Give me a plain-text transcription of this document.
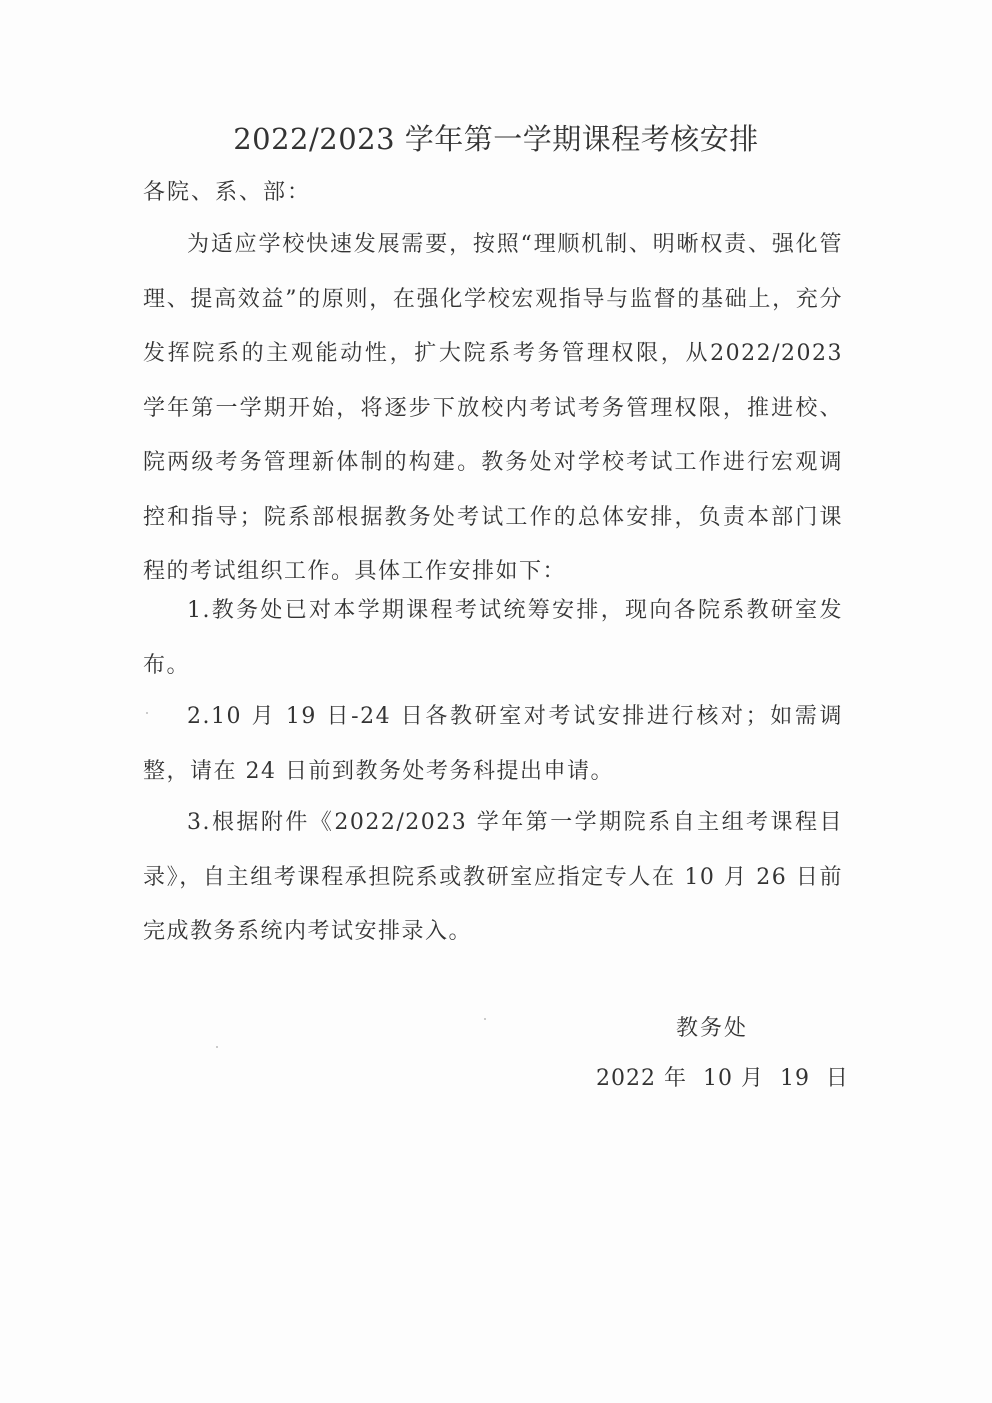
2022/2023 学年第一学期课程考核安排
各院、系、部：
为适应学校快速发展需要，按照“理顺机制、明晰权责、强化管理、提高效益”的原则，在强化学校宏观指导与监督的基础上，充分发挥院系的主观能动性，扩大院系考务管理权限，从2022/2023 学年第一学期开始，将逐步下放校内考试考务管理权限，推进校、院两级考务管理新体制的构建。教务处对学校考试工作进行宏观调控和指导；院系部根据教务处考试工作的总体安排，负责本部门课程的考试组织工作。具体工作安排如下：
1.教务处已对本学期课程考试统筹安排，现向各院系教研室发布。
2.10 月 19 日-24 日各教研室对考试安排进行核对；如需调整，请在 24 日前到教务处考务科提出申请。
3.根据附件《2022/2023 学年第一学期院系自主组考课程目录》，自主组考课程承担院系或教研室应指定专人在 10 月 26 日前完成教务系统内考试安排录入。
教务处
2022 年  10 月  19  日
